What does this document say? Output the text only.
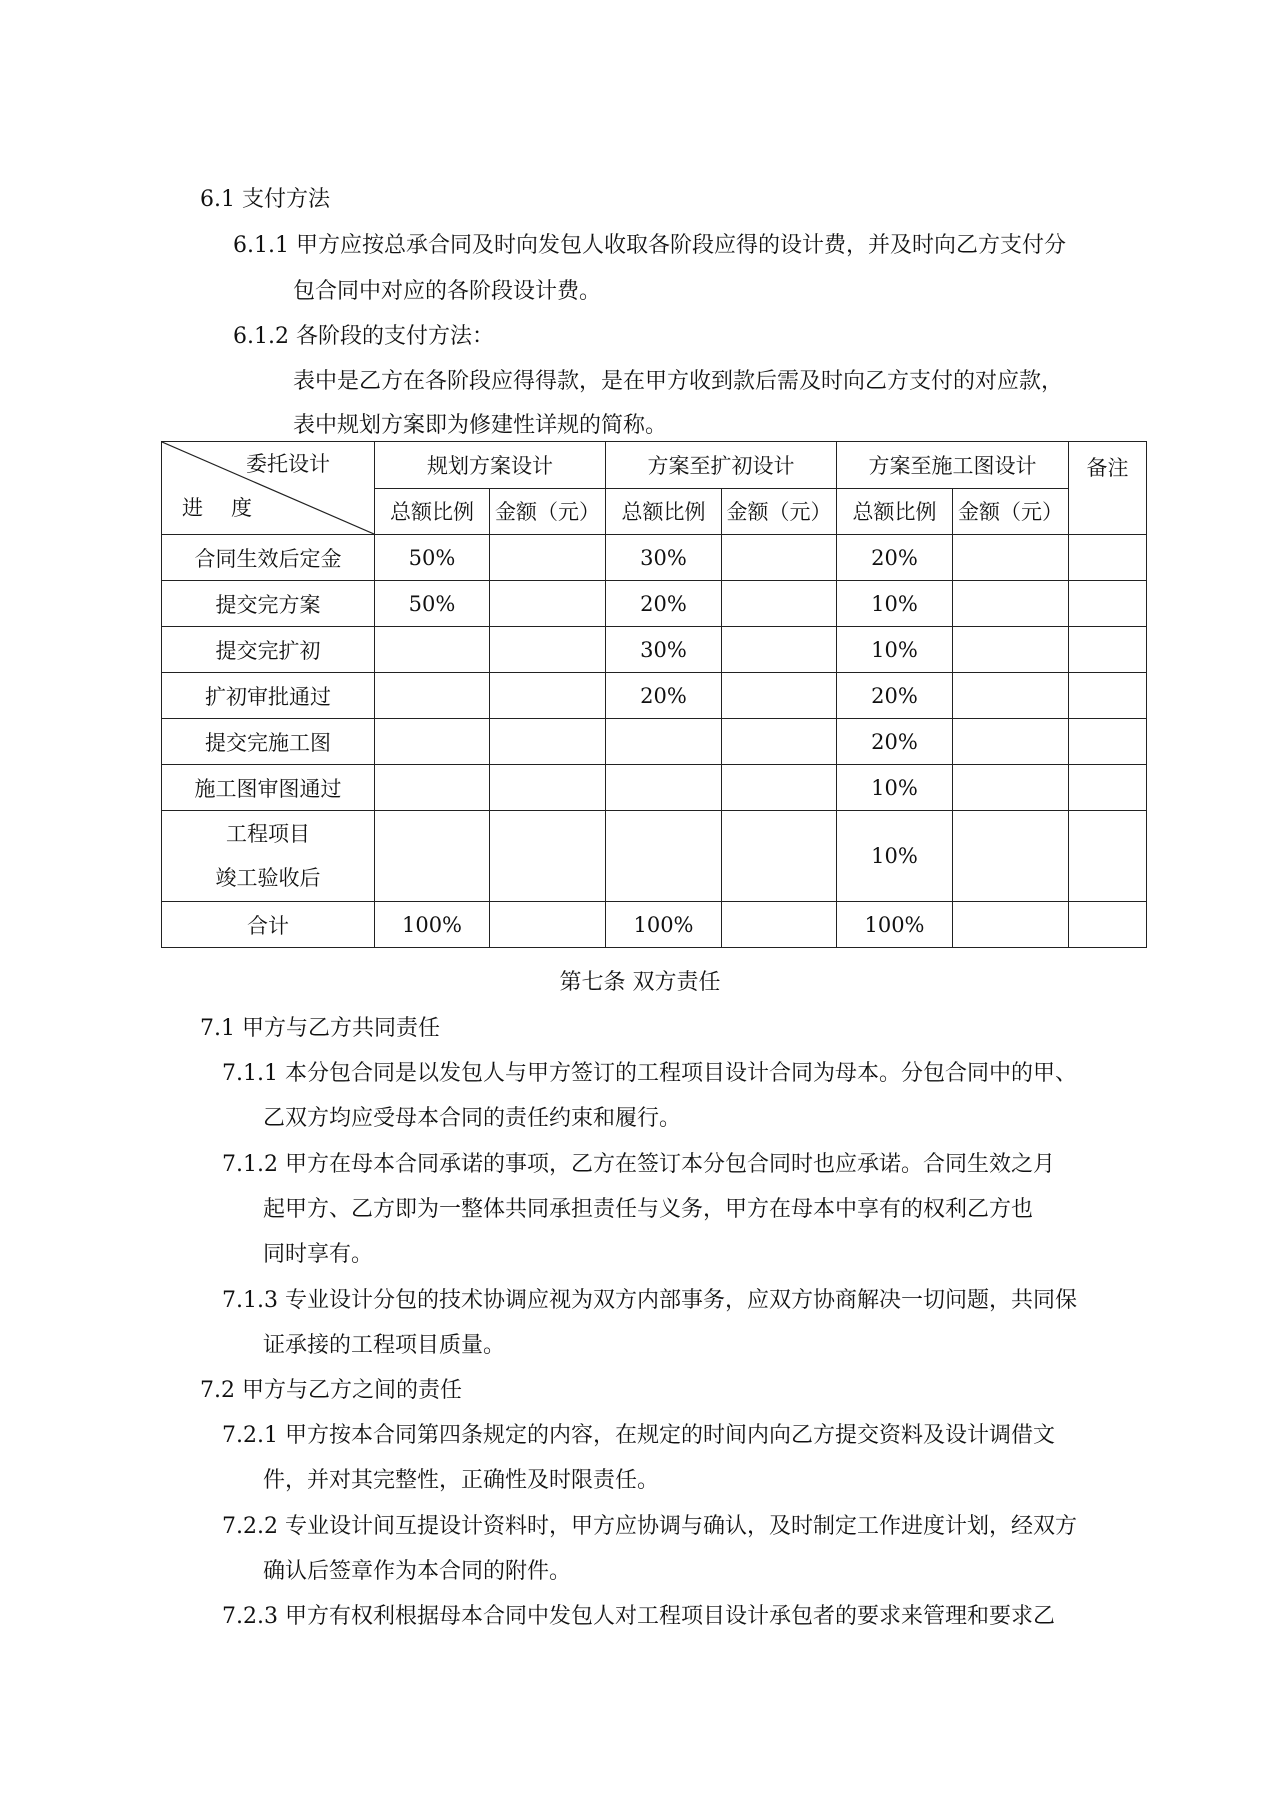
6.1 支付方法
6.1.1 甲方应按总承合同及时向发包人收取各阶段应得的设计费，并及时向乙方支付分
包合同中对应的各阶段设计费。
6.1.2 各阶段的支付方法：
表中是乙方在各阶段应得得款，是在甲方收到款后需及时向乙方支付的对应款，
表中规划方案即为修建性详规的简称。
委托设计
进度	规划方案设计		方案至扩初设计		方案至施工图设计		备注
	总额比例	金额（元）	总额比例	金额（元）	总额比例	金额（元）	
合同生效后定金	50%		30%		20%		
提交完方案	50%		20%		10%		
提交完扩初			30%		10%		
扩初审批通过			20%		20%		
提交完施工图					20%		
施工图审图通过					10%		

工程项目
竣工验收后					10%		
合计	100%		100%		100%		
第七条 双方责任
7.1 甲方与乙方共同责任
7.1.1 本分包合同是以发包人与甲方签订的工程项目设计合同为母本。分包合同中的甲、
乙双方均应受母本合同的责任约束和履行。
7.1.2 甲方在母本合同承诺的事项，乙方在签订本分包合同时也应承诺。合同生效之月
起甲方、乙方即为一整体共同承担责任与义务，甲方在母本中享有的权利乙方也
同时享有。
7.1.3 专业设计分包的技术协调应视为双方内部事务，应双方协商解决一切问题，共同保
证承接的工程项目质量。
7.2 甲方与乙方之间的责任
7.2.1 甲方按本合同第四条规定的内容，在规定的时间内向乙方提交资料及设计调借文
件，并对其完整性，正确性及时限责任。
7.2.2 专业设计间互提设计资料时，甲方应协调与确认，及时制定工作进度计划，经双方
确认后签章作为本合同的附件。
7.2.3 甲方有权利根据母本合同中发包人对工程项目设计承包者的要求来管理和要求乙
